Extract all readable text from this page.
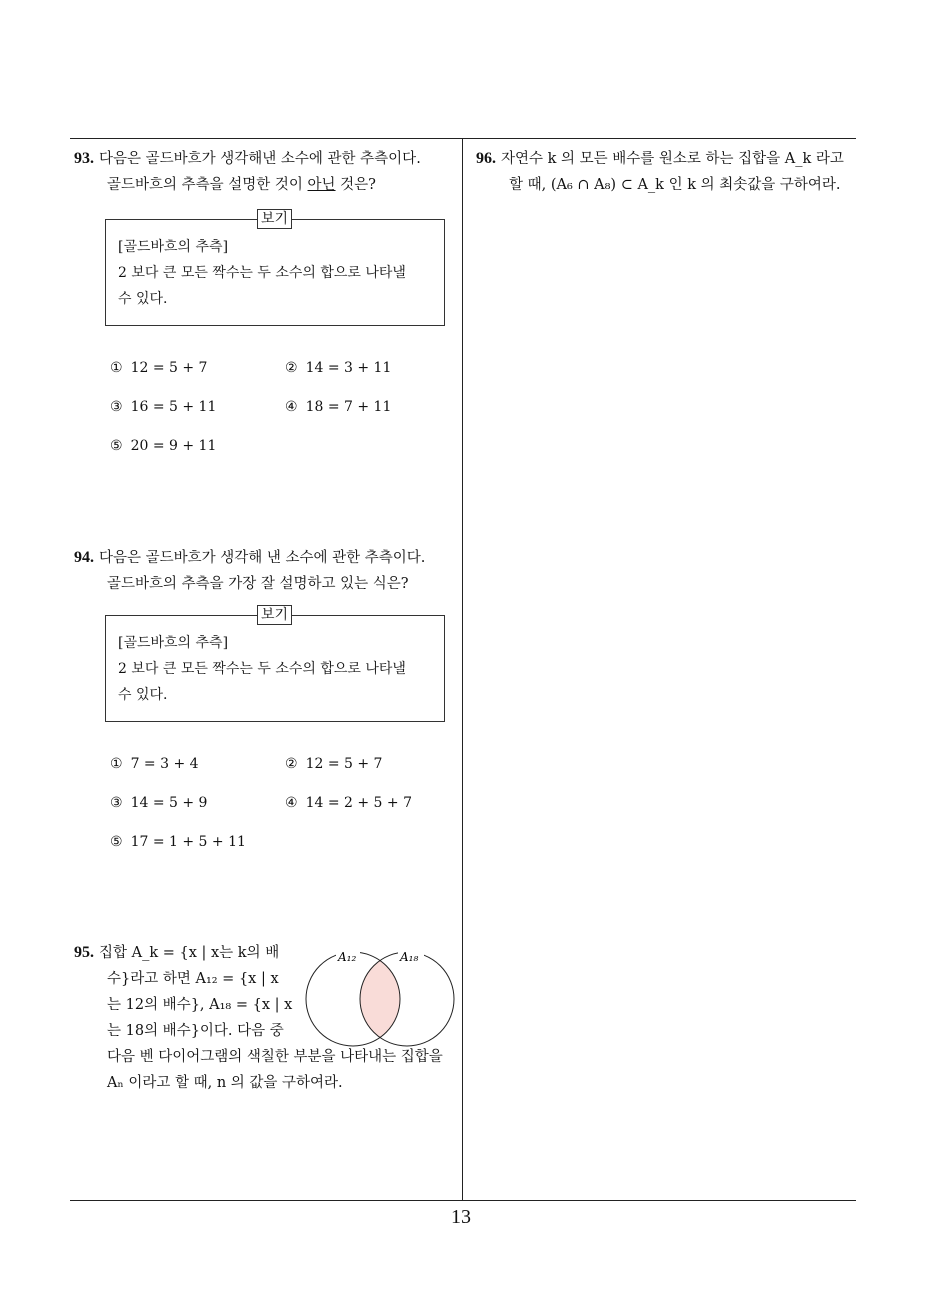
93. 다음은 골드바흐가 생각해낸 소수에 관한 추측이다.
골드바흐의 추측을 설명한 것이 아닌 것은?
보기
[골드바흐의 추측]
2 보다 큰 모든 짝수는 두 소수의 합으로 나타낼
수 있다.
① 12 = 5 + 7	② 14 = 3 + 11
③ 16 = 5 + 11	④ 18 = 7 + 11
⑤ 20 = 9 + 11
94. 다음은 골드바흐가 생각해 낸 소수에 관한 추측이다.
골드바흐의 추측을 가장 잘 설명하고 있는 식은?
보기
[골드바흐의 추측]
2 보다 큰 모든 짝수는 두 소수의 합으로 나타낼
수 있다.
① 7 = 3 + 4	② 12 = 5 + 7
③ 14 = 5 + 9	④ 14 = 2 + 5 + 7
⑤ 17 = 1 + 5 + 11
95. 집합 A_k = {x | x는 k의 배
수}라고 하면 A₁₂ = {x | x
는 12의 배수}, A₁₈ = {x | x
는 18의 배수}이다. 다음 중
다음 벤 다이어그램의 색칠한 부분을 나타내는 집합을
Aₙ 이라고 할 때, n 의 값을 구하여라.
A₁₂	A₁₈
96. 자연수 k 의 모든 배수를 원소로 하는 집합을 A_k 라고
할 때, (A₆ ∩ A₈) ⊂ A_k 인 k 의 최솟값을 구하여라.
13
